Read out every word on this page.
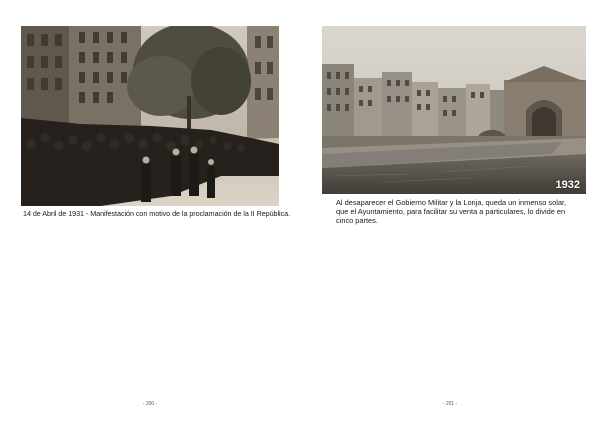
14 de Abril de 1931 - Manifestación con motivo de la proclamación de la II República.
- 200 -
1932
Al desaparecer el Gobierno Militar y la Lonja, queda un inmenso solar, que el Ayuntamiento, para facilitar su venta a particulares, lo divide en cinco partes.
- 201 -
